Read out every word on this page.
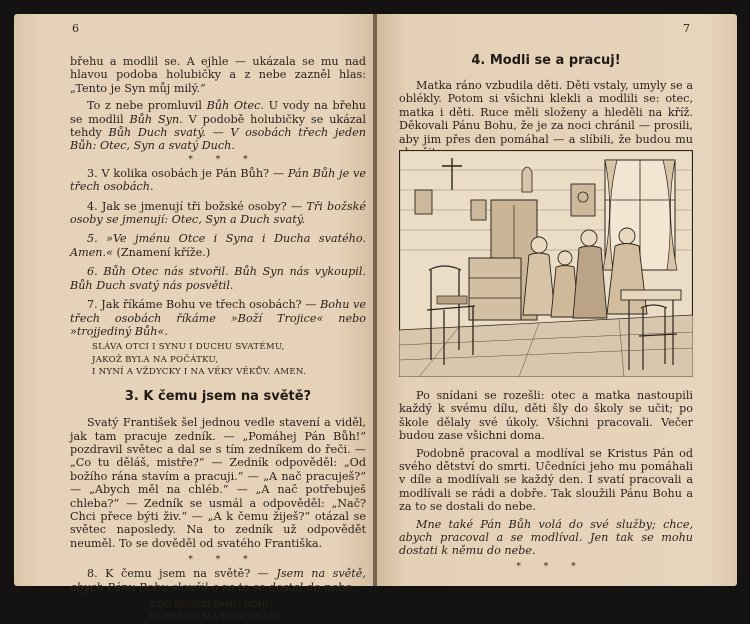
6

břehu a modlil se. A ejhle — ukázala se mu nad hlavou podoba holubičky a z nebe zazněl hlas: „Tento je Syn můj milý.“

To z nebe promluvil Bůh Otec. U vody na břehu se modlil Bůh Syn. V podobě holubičky se ukázal tehdy Bůh Duch svatý. — V osobách třech jeden Bůh: Otec, Syn a svatý Duch.

* * *

3. V kolika osobách je Pán Bůh? — Pán Bůh je ve třech osobách.

4. Jak se jmenují tři božské osoby? — Tři božské osoby se jmenují: Otec, Syn a Duch svatý.

5. »Ve jménu Otce i Syna i Ducha svatého. Amen.« (Znamení kříže.)

6. Bůh Otec nás stvořil. Bůh Syn nás vykoupil. Bůh Duch svatý nás posvětil.

7. Jak říkáme Bohu ve třech osobách? — Bohu ve třech osobách říkáme »Boží Trojice« nebo »trojjediný Bůh«.

SLÁVA OTCI I SYNU I DUCHU SVATÉMU,

JAKOŽ BYLA NA POČÁTKU,

I NYNÍ A VŽDYCKY I NA VĚKY VĚKŮV. AMEN.

3. K čemu jsem na světě?

Svatý František šel jednou vedle stavení a viděl, jak tam pracuje zedník. — „Pomáhej Pán Bůh!“ pozdravil světec a dal se s tím zedníkem do řeči. — „Co tu děláš, mistře?“ — Zedník odpověděl: „Od božího rána stavím a pracuji.“ — „A nač pracuješ?“ — „Abych měl na chléb.“ — „A nač potřebuješ chleba?“ — Zedník se usmál a odpověděl: „Nač? Chci přece býti živ.“ — „A k čemu žiješ?“ otázal se světec naposledy. Na to zedník už odpovědět neuměl. To se dověděl od svatého Františka.

* * *

8. K čemu jsem na světě? — Jsem na světě, abych Pánu Bohu sloužil a za to se dostal do nebe.

KDO SLOUŽÍ PÁNU BOHU,

DOBRÉHO MÁ HOSPODÁŘE.

7
4. Modli se a pracuj!

Matka ráno vzbudila děti. Děti vstaly, umyly se a oblékly. Potom si všichni klekli a modlili se: otec, matka i děti. Ruce měli složeny a hleděli na kříž. Děkovali Pánu Bohu, že je za noci chránil — prosili, aby jim přes den pomáhal — a slíbili, že budou mu

Po snídani se rozešli: otec a matka nastoupili každý k svému dílu, děti šly do školy se učit; po škole dělaly své úkoly. Všichni pracovali. Večer budou zase všichni doma.

Podobně pracoval a modlíval se Kristus Pán od svého dětství do smrti. Učedníci jeho mu pomáhali v díle a modlívali se každý den. I svatí pracovali a modlívali se rádi a dobře. Tak sloužili Pánu Bohu a za to se dostali do nebe.

Mne také Pán Bůh volá do své služby; chce, abych pracoval a se modlíval. Jen tak se mohu dostati k němu do nebe.

* * *
